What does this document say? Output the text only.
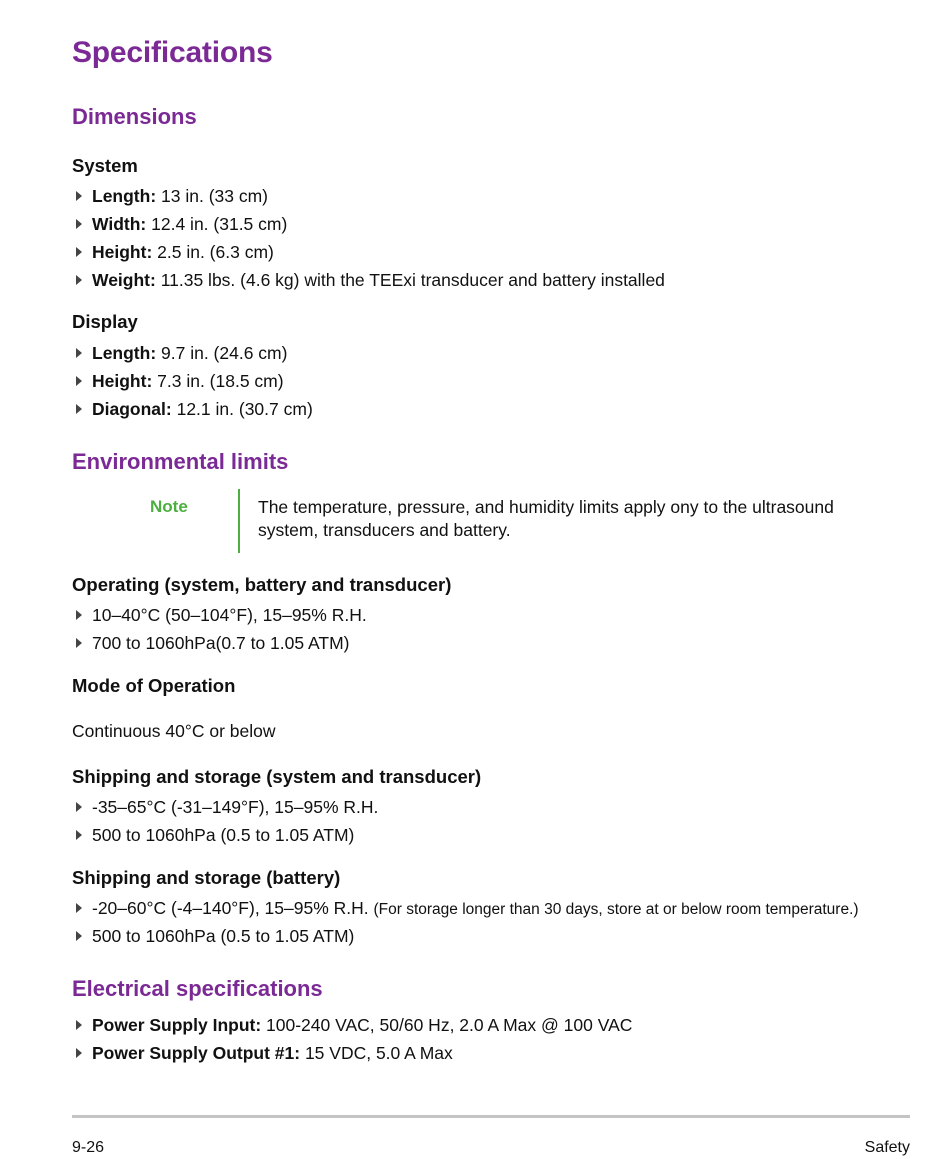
Specifications
Dimensions
System
Length: 13 in. (33 cm)
Width: 12.4 in. (31.5 cm)
Height: 2.5 in. (6.3 cm)
Weight: 11.35 lbs. (4.6 kg) with the TEExi transducer and battery installed
Display
Length: 9.7 in. (24.6 cm)
Height: 7.3 in. (18.5 cm)
Diagonal: 12.1 in. (30.7 cm)
Environmental limits
Note	The temperature, pressure, and humidity limits apply ony to the ultrasound system, transducers and battery.
Operating (system, battery and transducer)
10–40°C (50–104°F), 15–95% R.H.
700 to 1060hPa(0.7 to 1.05 ATM)
Mode of Operation

Continuous 40°C or below

Shipping and storage (system and transducer)
-35–65°C (-31–149°F), 15–95% R.H.
500 to 1060hPa (0.5 to 1.05 ATM)
Shipping and storage (battery)
-20–60°C (-4–140°F), 15–95% R.H. (For storage longer than 30 days, store at or below room temperature.)
500 to 1060hPa (0.5 to 1.05 ATM)
Electrical specifications
Power Supply Input: 100-240 VAC, 50/60 Hz, 2.0 A Max @ 100 VAC
Power Supply Output #1: 15 VDC, 5.0 A Max
9-26	Safety
